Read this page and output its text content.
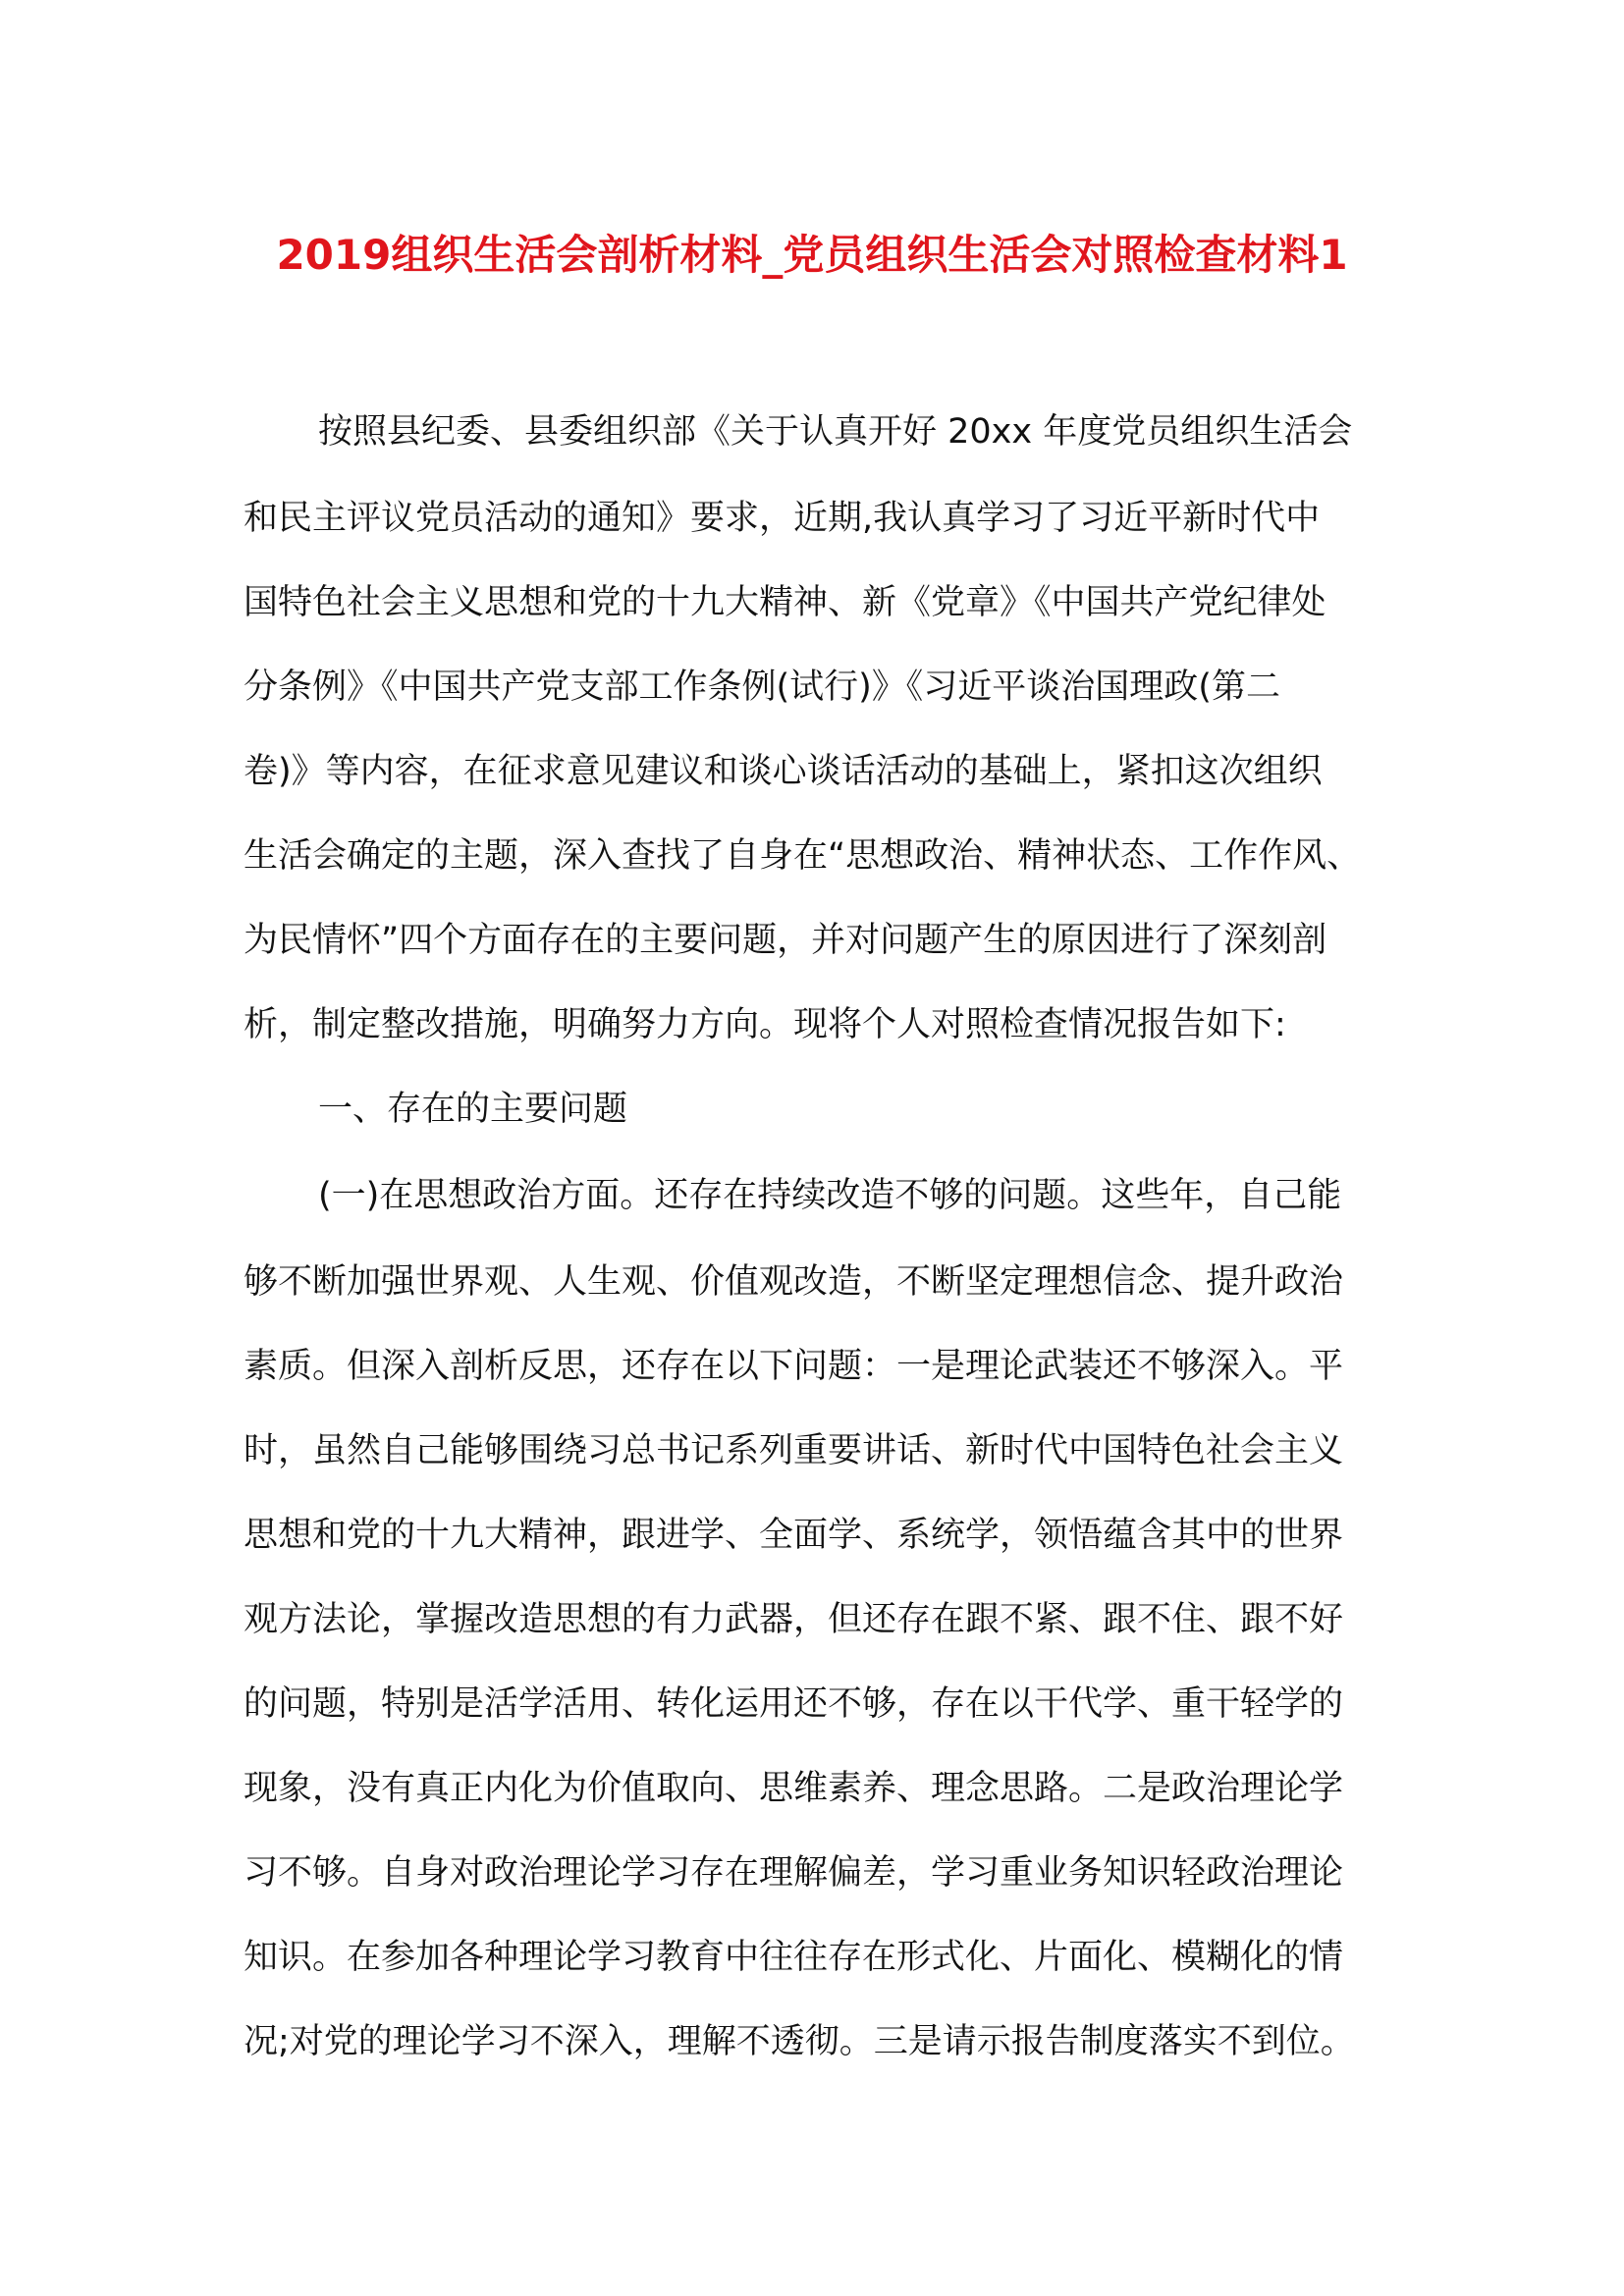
2019组织生活会剖析材料_党员组织生活会对照检查材料1
按照县纪委、县委组织部《关于认真开好 20xx 年度党员组织生活会
和民主评议党员活动的通知》要求，近期,我认真学习了习近平新时代中
国特色社会主义思想和党的十九大精神、新《党章》《中国共产党纪律处
分条例》《中国共产党支部工作条例(试行)》《习近平谈治国理政(第二
卷)》等内容，在征求意见建议和谈心谈话活动的基础上，紧扣这次组织
生活会确定的主题，深入查找了自身在“思想政治、精神状态、工作作风、
为民情怀”四个方面存在的主要问题，并对问题产生的原因进行了深刻剖
析，制定整改措施，明确努力方向。现将个人对照检查情况报告如下:
一、存在的主要问题
(一)在思想政治方面。还存在持续改造不够的问题。这些年，自己能
够不断加强世界观、人生观、价值观改造，不断坚定理想信念、提升政治
素质。但深入剖析反思，还存在以下问题：一是理论武装还不够深入。平
时，虽然自己能够围绕习总书记系列重要讲话、新时代中国特色社会主义
思想和党的十九大精神，跟进学、全面学、系统学，领悟蕴含其中的世界
观方法论，掌握改造思想的有力武器，但还存在跟不紧、跟不住、跟不好
的问题，特别是活学活用、转化运用还不够，存在以干代学、重干轻学的
现象，没有真正内化为价值取向、思维素养、理念思路。二是政治理论学
习不够。自身对政治理论学习存在理解偏差，学习重业务知识轻政治理论
知识。在参加各种理论学习教育中往往存在形式化、片面化、模糊化的情
况;对党的理论学习不深入，理解不透彻。三是请示报告制度落实不到位。
